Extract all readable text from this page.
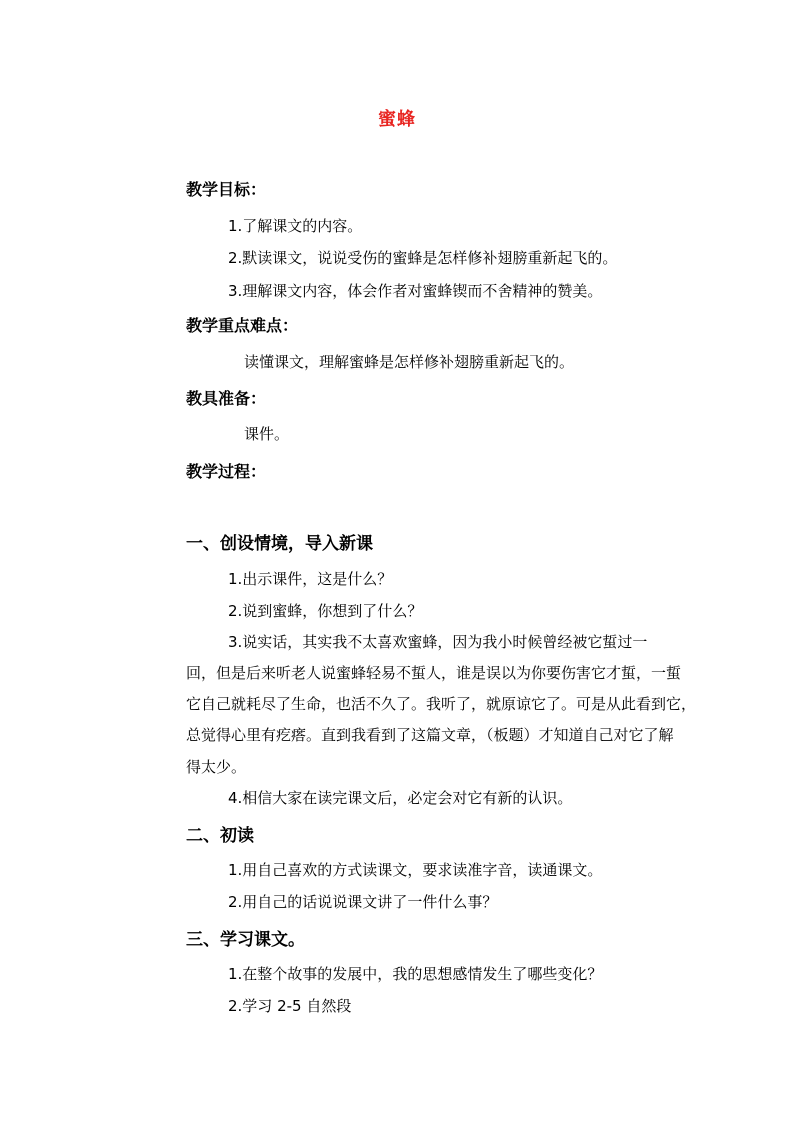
蜜蜂
教学目标：
1.了解课文的内容。
2.默读课文，说说受伤的蜜蜂是怎样修补翅膀重新起飞的。
3.理解课文内容，体会作者对蜜蜂锲而不舍精神的赞美。
教学重点难点：
读懂课文，理解蜜蜂是怎样修补翅膀重新起飞的。
教具准备：
课件。
教学过程：
一、创设情境，导入新课
1.出示课件，这是什么？
2.说到蜜蜂，你想到了什么？
3.说实话，其实我不太喜欢蜜蜂，因为我小时候曾经被它蜇过一
回，但是后来听老人说蜜蜂轻易不蜇人，谁是误以为你要伤害它才蜇，一蜇
它自己就耗尽了生命，也活不久了。我听了，就原谅它了。可是从此看到它，
总觉得心里有疙瘩。直到我看到了这篇文章，（板题）才知道自己对它了解
得太少。
4.相信大家在读完课文后，必定会对它有新的认识。
二、初读
1.用自己喜欢的方式读课文，要求读准字音，读通课文。
2.用自己的话说说课文讲了一件什么事？
三、学习课文。
1.在整个故事的发展中，我的思想感情发生了哪些变化？
2.学习 2-5 自然段
